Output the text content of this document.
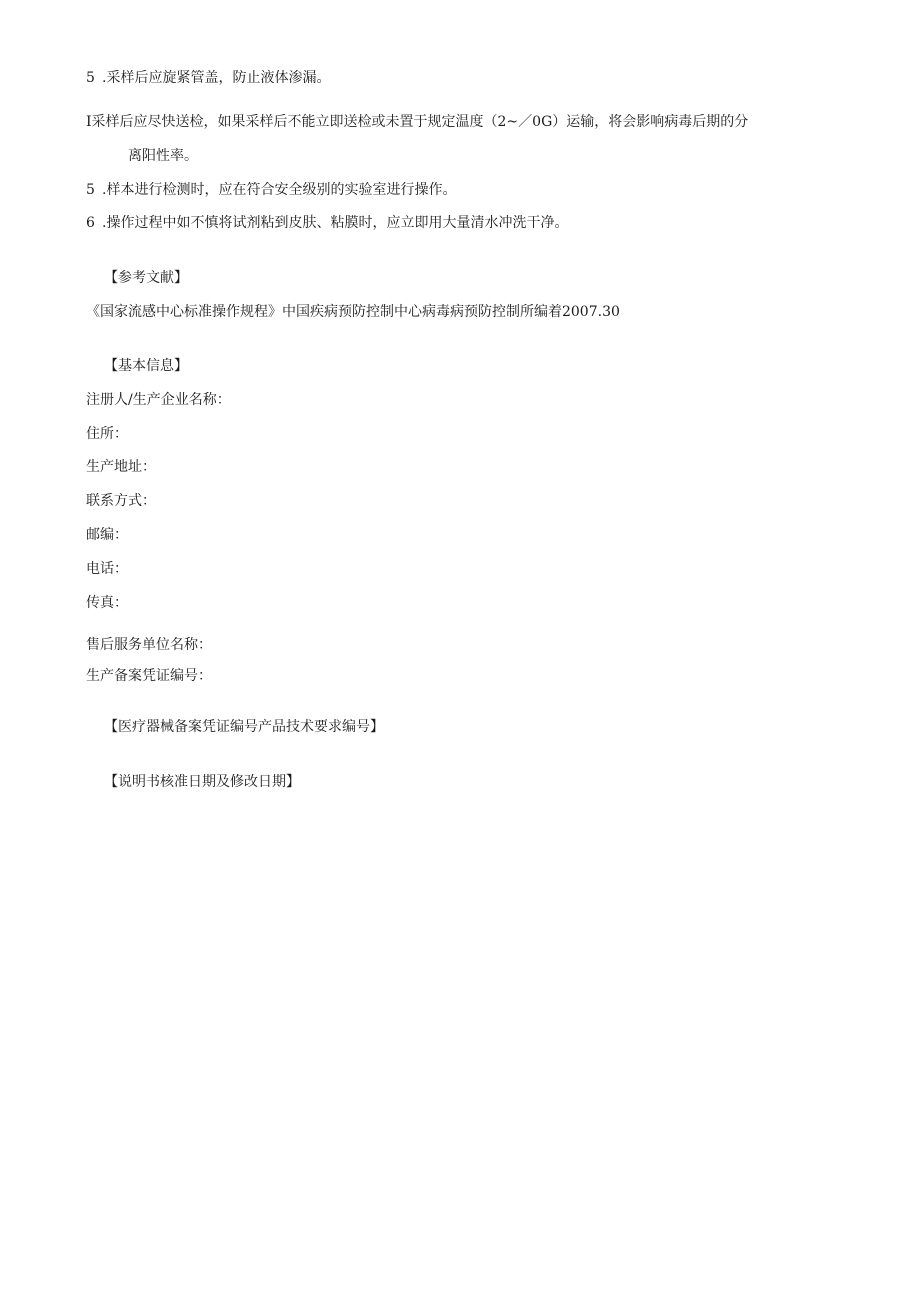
5 .采样后应旋紧管盖，防止液体渗漏。
I采样后应尽快送检，如果采样后不能立即送检或未置于规定温度（2~／0G）运输，将会影响病毒后期的分
离阳性率。
5 .样本进行检测时，应在符合安全级别的实验室进行操作。
6 .操作过程中如不慎将试剂粘到皮肤、粘膜时，应立即用大量清水冲洗干净。
【参考文献】
《国家流感中心标准操作规程》中国疾病预防控制中心病毒病预防控制所编着2007.30
【基本信息】
注册人/生产企业名称：
住所：
生产地址：
联系方式：
邮编：
电话：
传真：
售后服务单位名称：
生产备案凭证编号：
【医疗器械备案凭证编号产品技术要求编号】
【说明书核准日期及修改日期】
